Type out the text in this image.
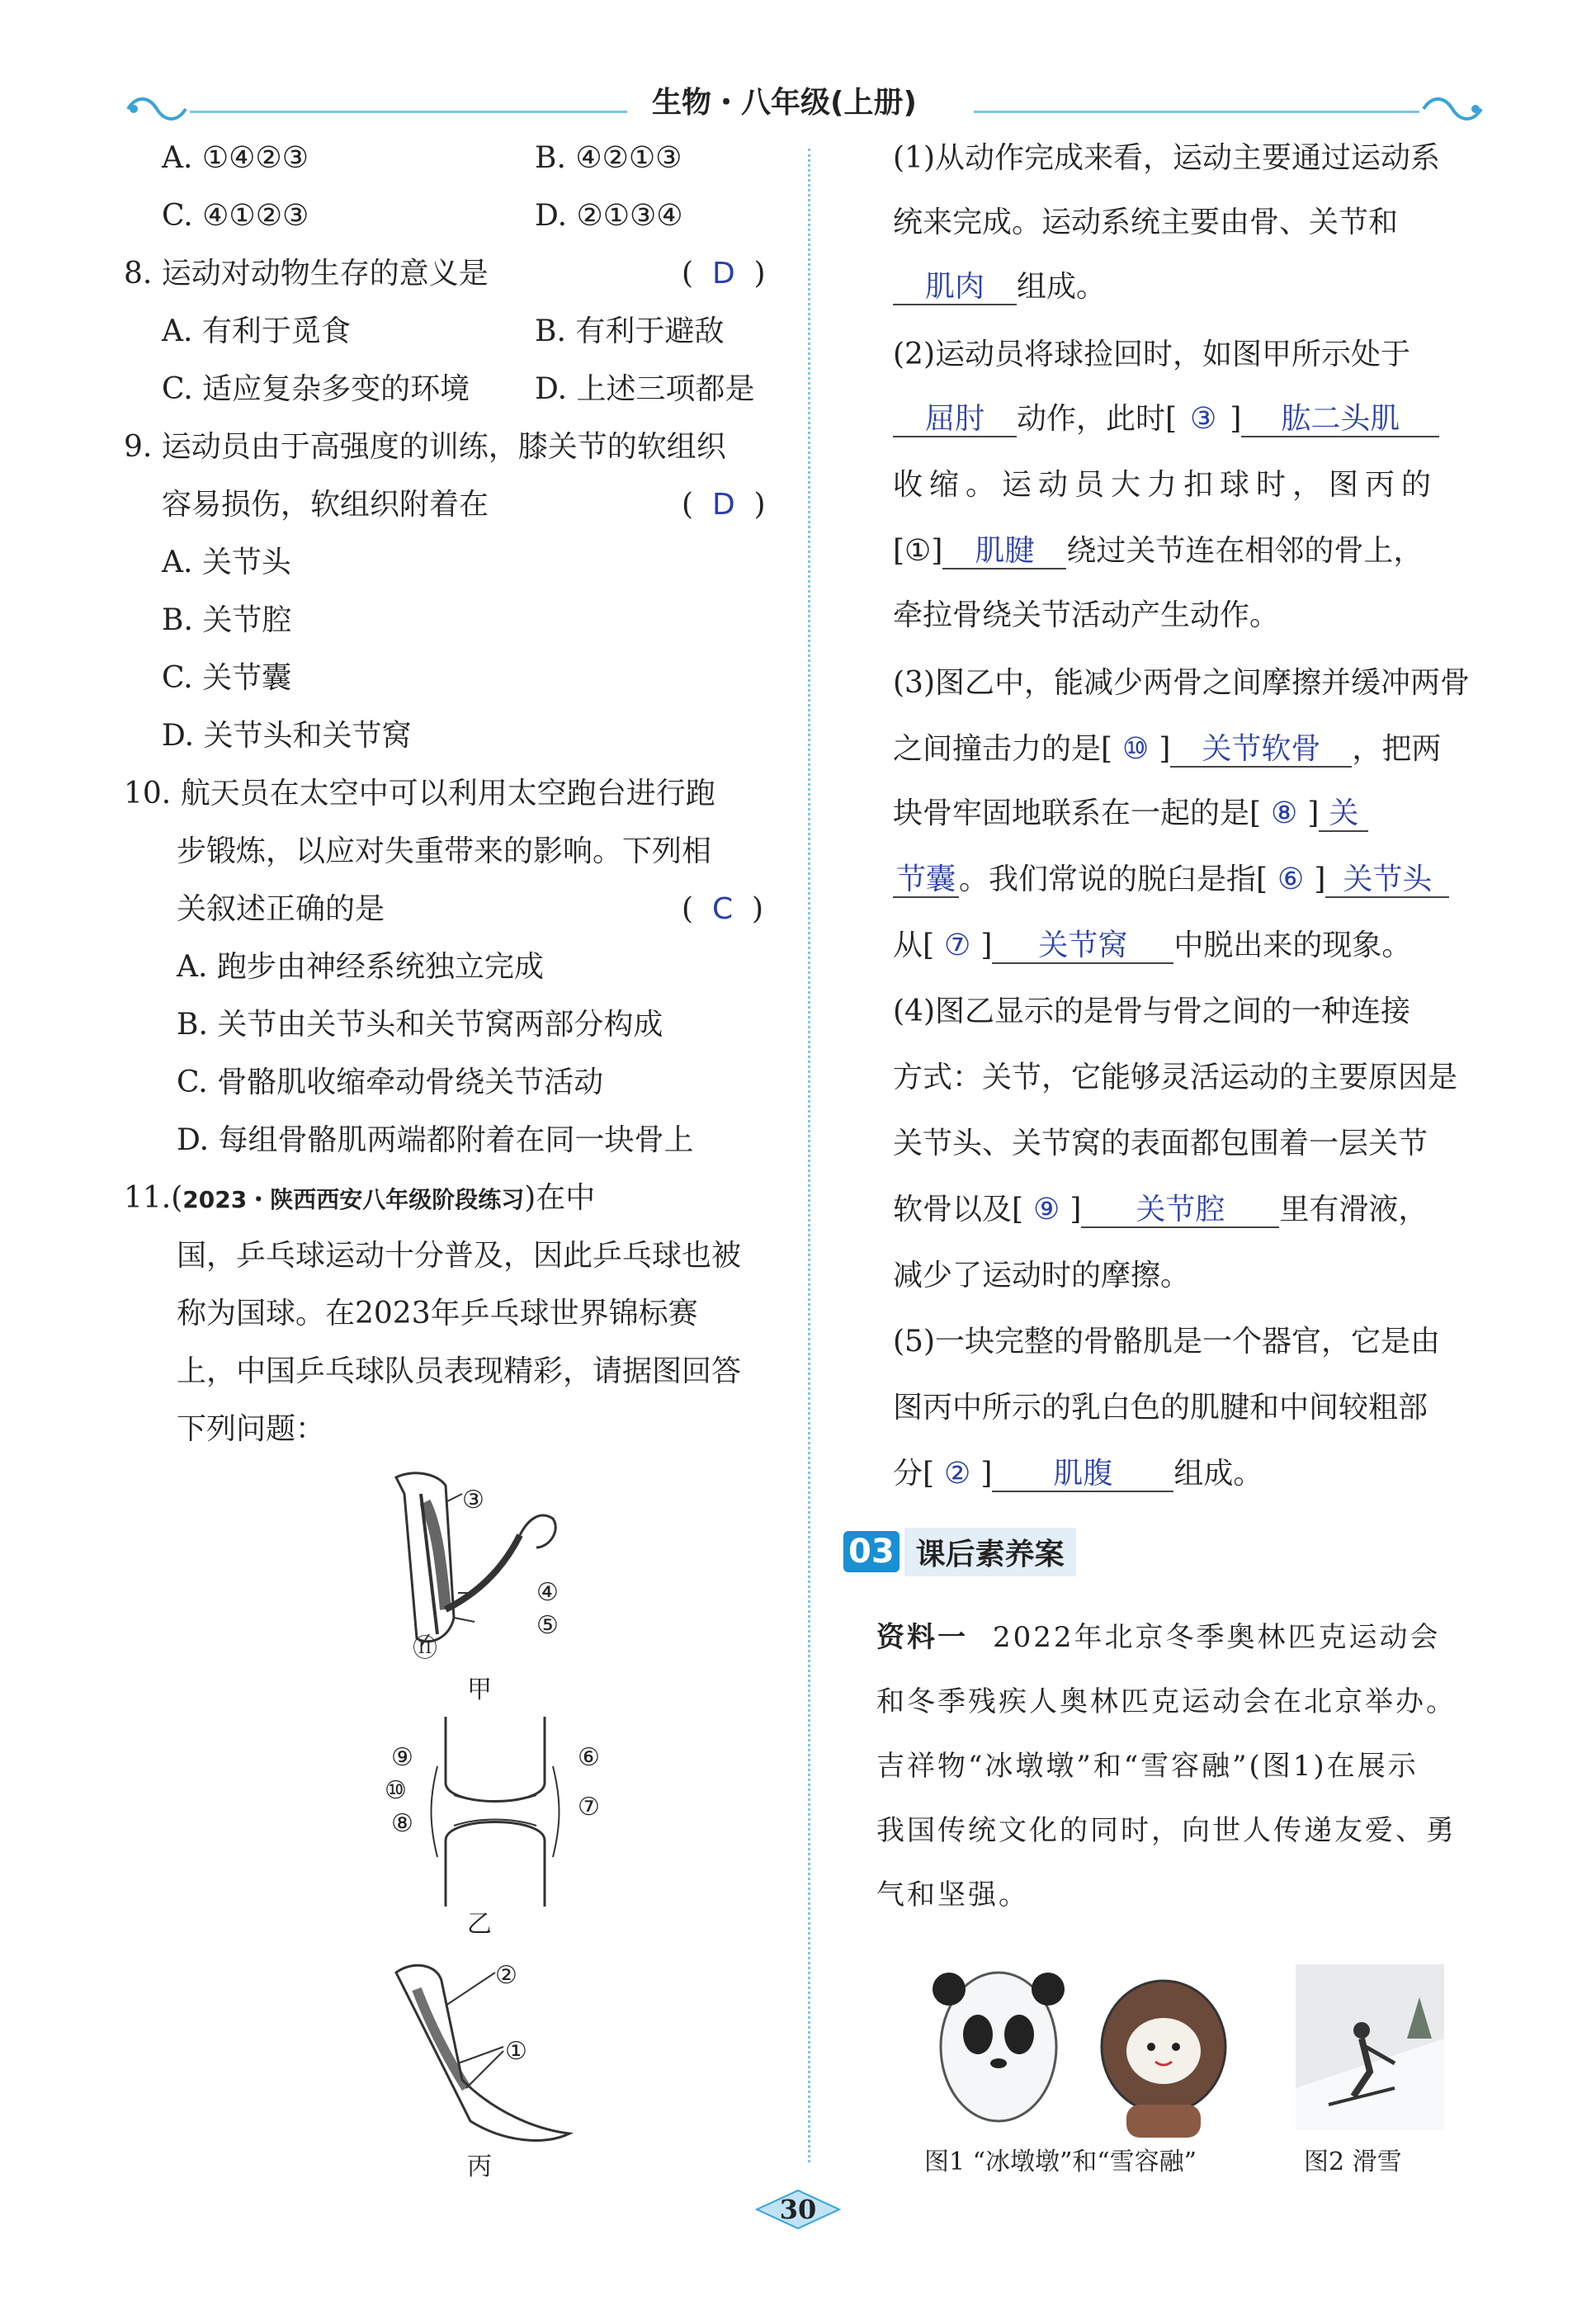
生物・八年级(上册)
A. ①④②③	B. ④②①③
C. ④①②③	D. ②①③④
8. 运动对动物生存的意义是	(  D  )
A. 有利于觅食	B. 有利于避敌
C. 适应复杂多变的环境 D. 上述三项都是
9. 运动员由于高强度的训练，膝关节的软组织
容易损伤，软组织附着在	(  D  )
A. 关节头
B. 关节腔
C. 关节囊
D. 关节头和关节窝
10. 航天员在太空中可以利用太空跑台进行跑
步锻炼，以应对失重带来的影响。下列相
关叙述正确的是	(  C  )
A. 跑步由神经系统独立完成
B. 关节由关节头和关节窝两部分构成
C. 骨骼肌收缩牵动骨绕关节活动
D. 每组骨骼肌两端都附着在同一块骨上
11.(2023・陕西西安八年级阶段练习)在中
国，乒乓球运动十分普及，因此乒乓球也被
称为国球。在2023年乒乓球世界锦标赛
上，中国乒乓球队员表现精彩，请据图回答
下列问题：
③
④
⑤
⑪
甲
⑨
⑩
⑧
⑥
⑦
乙
②
①
丙
(1)从动作完成来看，运动主要通过运动系
统来完成。运动系统主要由骨、关节和
肌肉 组成。
(2)运动员将球捡回时，如图甲所示处于
屈肘 动作，此时[ ③ ] 肱二头肌
收缩。运动员大力扣球时，图丙的
[①] 肌腱 绕过关节连在相邻的骨上，
牵拉骨绕关节活动产生动作。
(3)图乙中，能减少两骨之间摩擦并缓冲两骨
之间撞击力的是[ ⑩ ] 关节软骨 ，把两
块骨牢固地联系在一起的是[ ⑧ ] 关
节囊 。我们常说的脱臼是指[ ⑥ ] 关节头
从[ ⑦ ] 关节窝 中脱出来的现象。
(4)图乙显示的是骨与骨之间的一种连接
方式：关节，它能够灵活运动的主要原因是
关节头、关节窝的表面都包围着一层关节
软骨以及[ ⑨ ] 关节腔 里有滑液，
减少了运动时的摩擦。
(5)一块完整的骨骼肌是一个器官，它是由
图丙中所示的乳白色的肌腱和中间较粗部
分[ ② ] 肌腹 组成。
03 课后素养案
资料一 2022年北京冬季奥林匹克运动会
和冬季残疾人奥林匹克运动会在北京举办。
吉祥物“冰墩墩”和“雪容融”(图1)在展示
我国传统文化的同时，向世人传递友爱、勇
气和坚强。
图1 “冰墩墩”和“雪容融”	图2 滑雪
30
